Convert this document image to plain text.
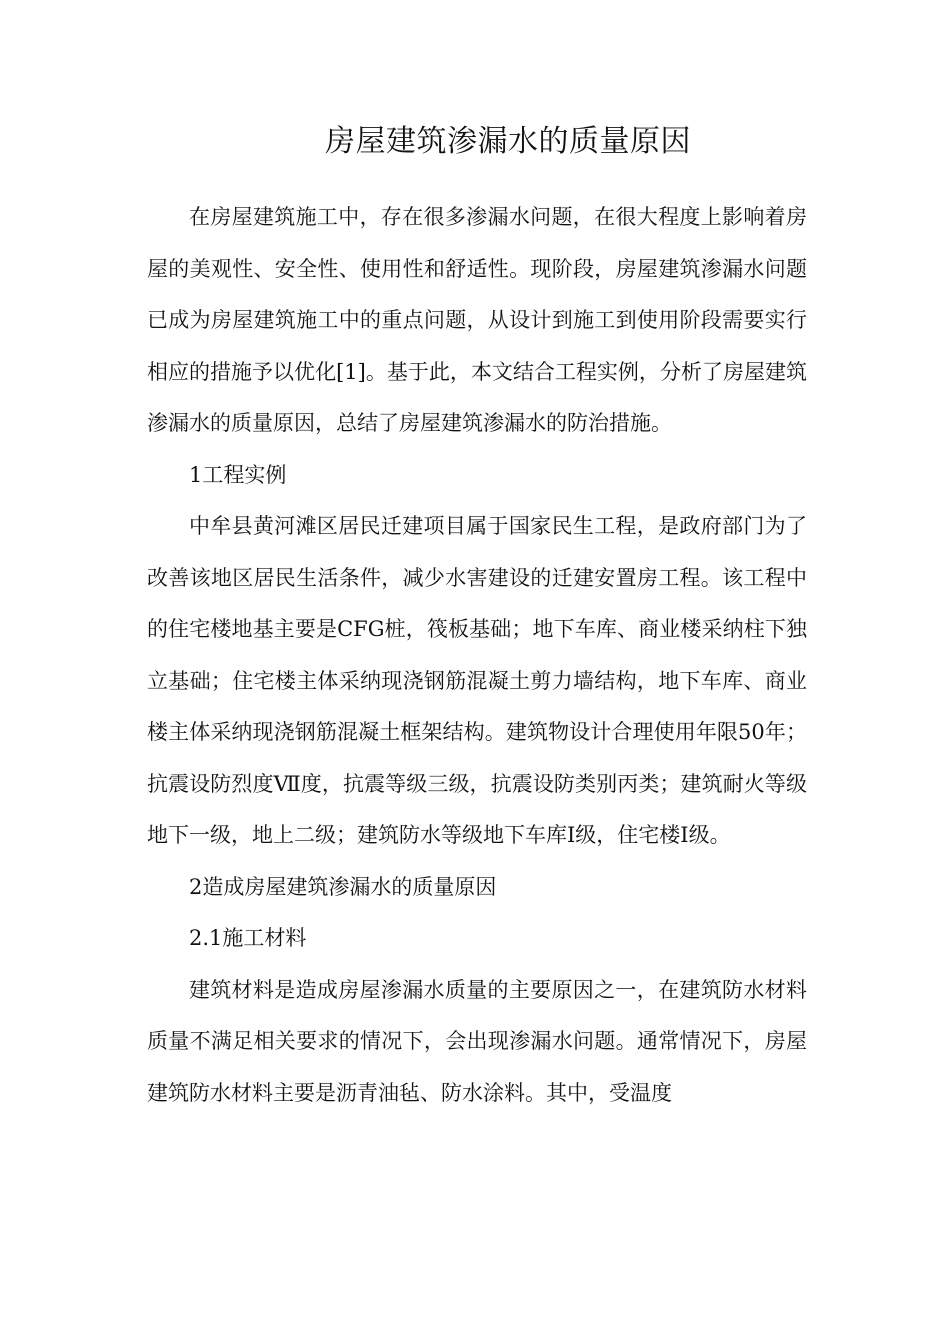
房屋建筑渗漏水的质量原因

在房屋建筑施工中，存在很多渗漏水问题，在很大程度上影响着房屋的美观性、安全性、使用性和舒适性。现阶段，房屋建筑渗漏水问题已成为房屋建筑施工中的重点问题，从设计到施工到使用阶段需要实行相应的措施予以优化[1]。基于此，本文结合工程实例，分析了房屋建筑渗漏水的质量原因，总结了房屋建筑渗漏水的防治措施。

1工程实例

中牟县黄河滩区居民迁建项目属于国家民生工程，是政府部门为了改善该地区居民生活条件，减少水害建设的迁建安置房工程。该工程中的住宅楼地基主要是CFG桩，筏板基础；地下车库、商业楼采纳柱下独立基础；住宅楼主体采纳现浇钢筋混凝土剪力墙结构，地下车库、商业楼主体采纳现浇钢筋混凝土框架结构。建筑物设计合理使用年限50年；抗震设防烈度Ⅶ度，抗震等级三级，抗震设防类别丙类；建筑耐火等级地下一级，地上二级；建筑防水等级地下车库Ⅰ级，住宅楼Ⅰ级。

2造成房屋建筑渗漏水的质量原因

2.1施工材料

建筑材料是造成房屋渗漏水质量的主要原因之一，在建筑防水材料质量不满足相关要求的情况下，会出现渗漏水问题。通常情况下，房屋建筑防水材料主要是沥青油毡、防水涂料。其中，受温度
